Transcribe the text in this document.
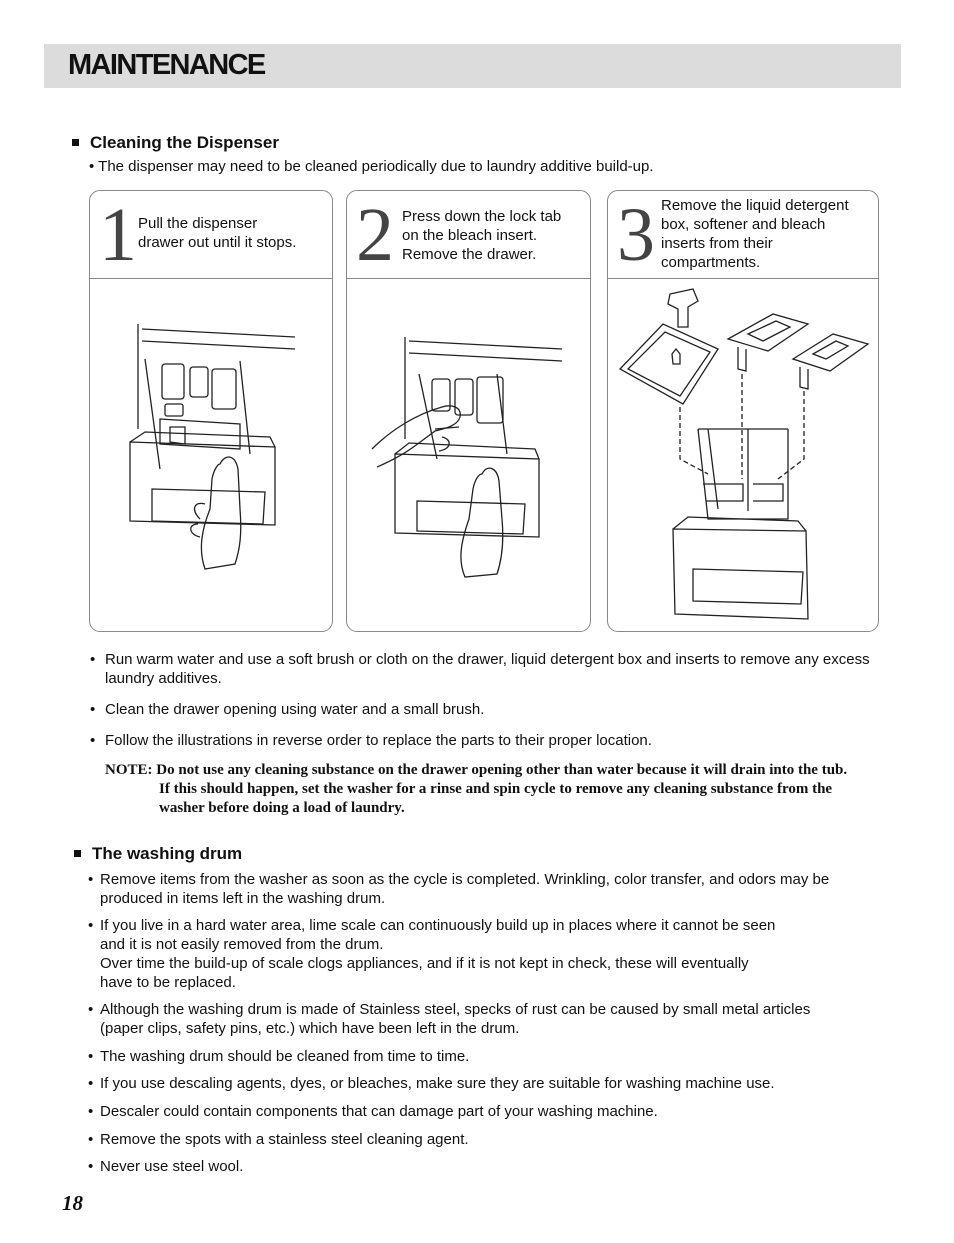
MAINTENANCE
Cleaning the Dispenser
• The dispenser may need to be cleaned periodically due to laundry additive build-up.
1 Pull the dispenser
drawer out until it stops. 2 Press down the lock tab
on the bleach insert.
Remove the drawer.	3 Remove the liquid detergent
box, softener and bleach
inserts from their
compartments.
• Run warm water and use a soft brush or cloth on the drawer, liquid detergent box and inserts to remove any excess
laundry additives.
• Clean the drawer opening using water and a small brush.
• Follow the illustrations in reverse order to replace the parts to their proper location.
NOTE: Do not use any cleaning substance on the drawer opening other than water because it will drain into the tub.
If this should happen, set the washer for a rinse and spin cycle to remove any cleaning substance from the
washer before doing a load of laundry.
The washing drum
• Remove items from the washer as soon as the cycle is completed. Wrinkling, color transfer, and odors may be
produced in items left in the washing drum.
• If you live in a hard water area, lime scale can continuously build up in places where it cannot be seen
and it is not easily removed from the drum.
Over time the build-up of scale clogs appliances, and if it is not kept in check, these will eventually
have to be replaced.
• Although the washing drum is made of Stainless steel, specks of rust can be caused by small metal articles
(paper clips, safety pins, etc.) which have been left in the drum.
• The washing drum should be cleaned from time to time.
• If you use descaling agents, dyes, or bleaches, make sure they are suitable for washing machine use.
• Descaler could contain components that can damage part of your washing machine.
• Remove the spots with a stainless steel cleaning agent.
• Never use steel wool.
18
